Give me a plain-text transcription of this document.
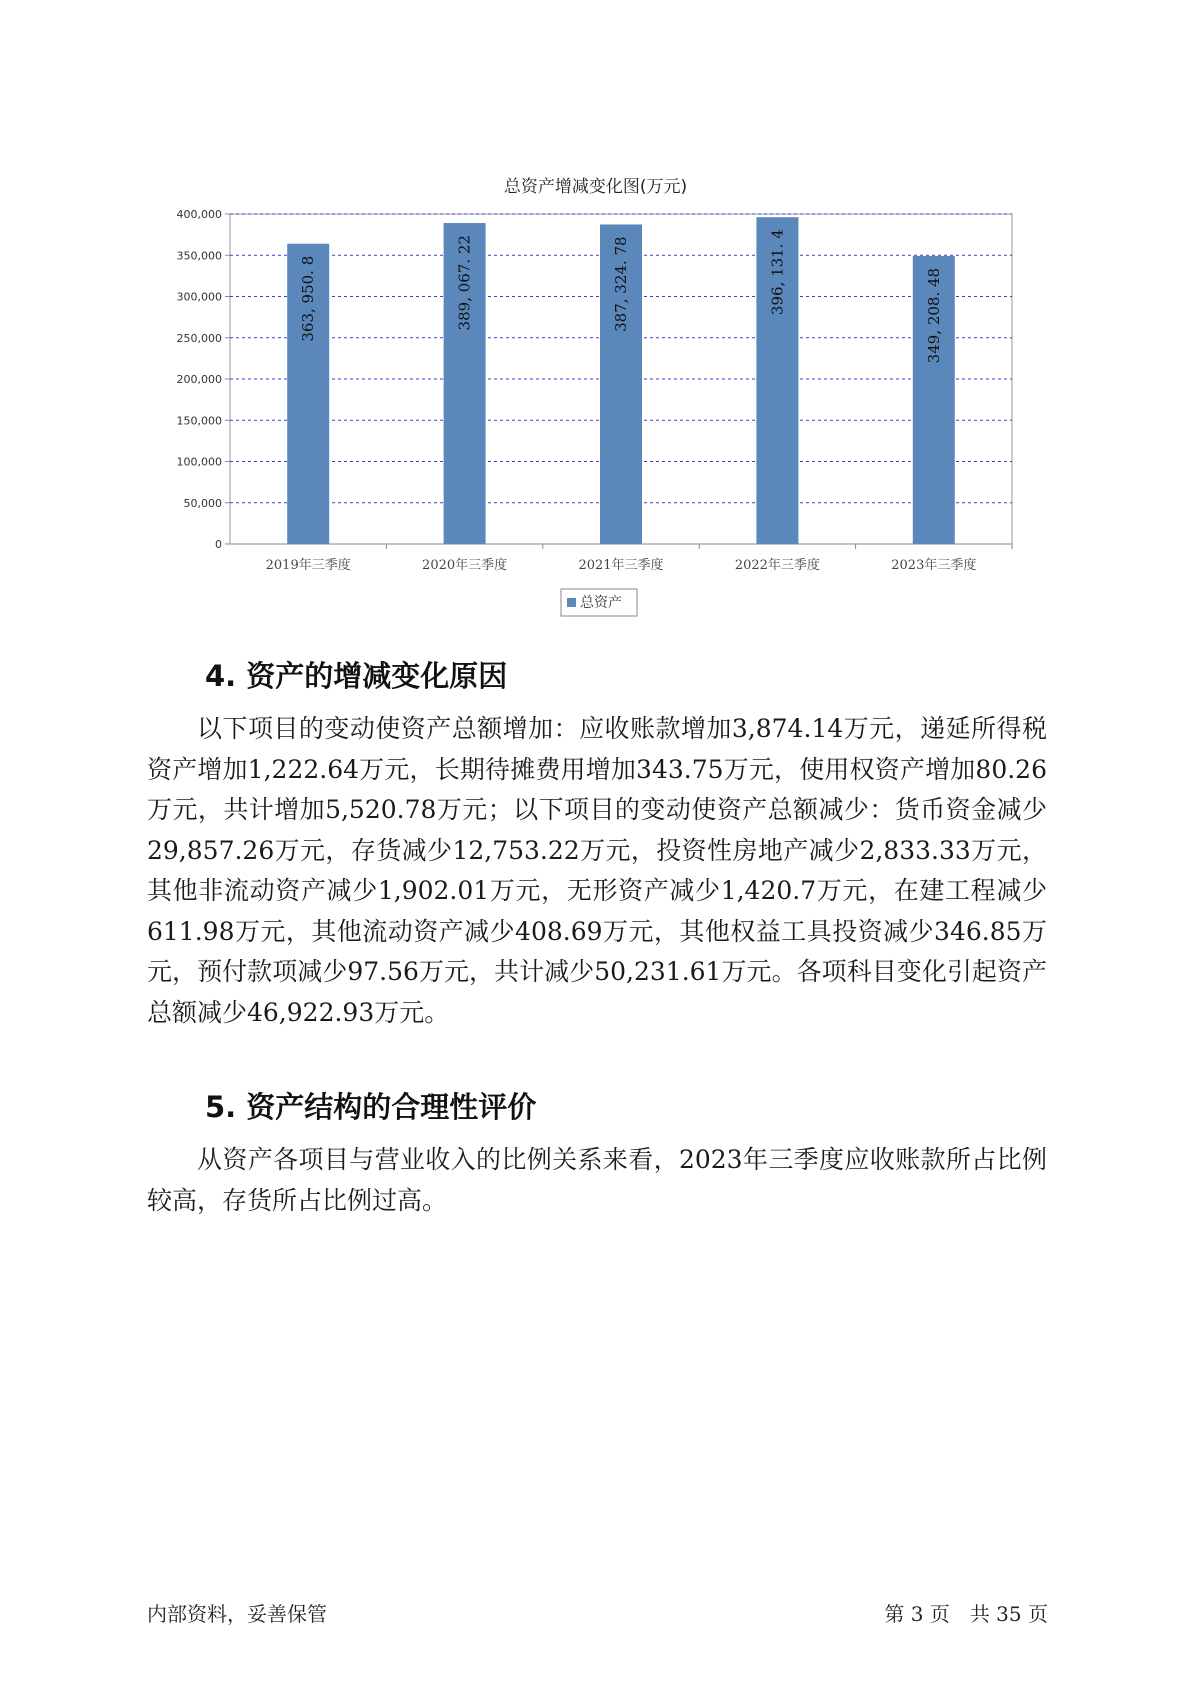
总资产增减变化图(万元)
0
50,000
100,000
150,000
200,000
250,000
300,000
350,000
400,000
363, 950. 8
2019年三季度
389, 067. 22
2020年三季度
387, 324. 78
2021年三季度
396, 131. 4
2022年三季度
349, 208. 48
2023年三季度
总资产
4. 资产的增减变化原因

以下项目的变动使资产总额增加：应收账款增加3,874.14万元，递延所得税资产增加1,222.64万元，长期待摊费用增加343.75万元，使用权资产增加80.26万元，共计增加5,520.78万元；以下项目的变动使资产总额减少：货币资金减少29,857.26万元，存货减少12,753.22万元，投资性房地产减少2,833.33万元，其他非流动资产减少1,902.01万元，无形资产减少1,420.7万元，在建工程减少611.98万元，其他流动资产减少408.69万元，其他权益工具投资减少346.85万元，预付款项减少97.56万元，共计减少50,231.61万元。各项科目变化引起资产总额减少46,922.93万元。

5. 资产结构的合理性评价

从资产各项目与营业收入的比例关系来看，2023年三季度应收账款所占比例较高，存货所占比例过高。

内部资料，妥善保管	第 3 页　共 35 页
